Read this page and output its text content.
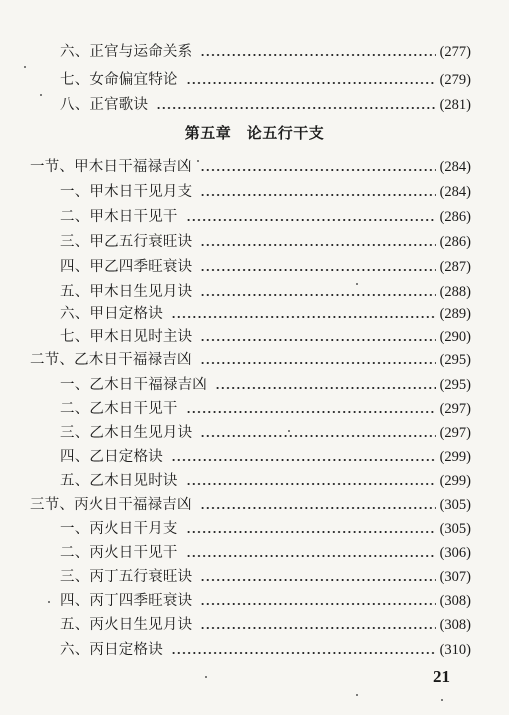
六、正官与运命关系	(277)
七、女命偏宜特论	(279)
八、正官歌诀	(281)
第五章　论五行干支
一节、甲木日干福禄吉凶	(284)
一、甲木日干见月支	(284)
二、甲木日干见干	(286)
三、甲乙五行衰旺诀	(286)
四、甲乙四季旺衰诀	(287)
五、甲木日生见月诀	(288)
六、甲日定格诀	(289)
七、甲木日见时主诀	(290)
二节、乙木日干福禄吉凶	(295)
一、乙木日干福禄吉凶	(295)
二、乙木日干见干	(297)
三、乙木日生见月诀	(297)
四、乙日定格诀	(299)
五、乙木日见时诀	(299)
三节、丙火日干福禄吉凶	(305)
一、丙火日干月支	(305)
二、丙火日干见干	(306)
三、丙丁五行衰旺诀	(307)
四、丙丁四季旺衰诀	(308)
五、丙火日生见月诀	(308)
六、丙日定格诀	(310)
21
